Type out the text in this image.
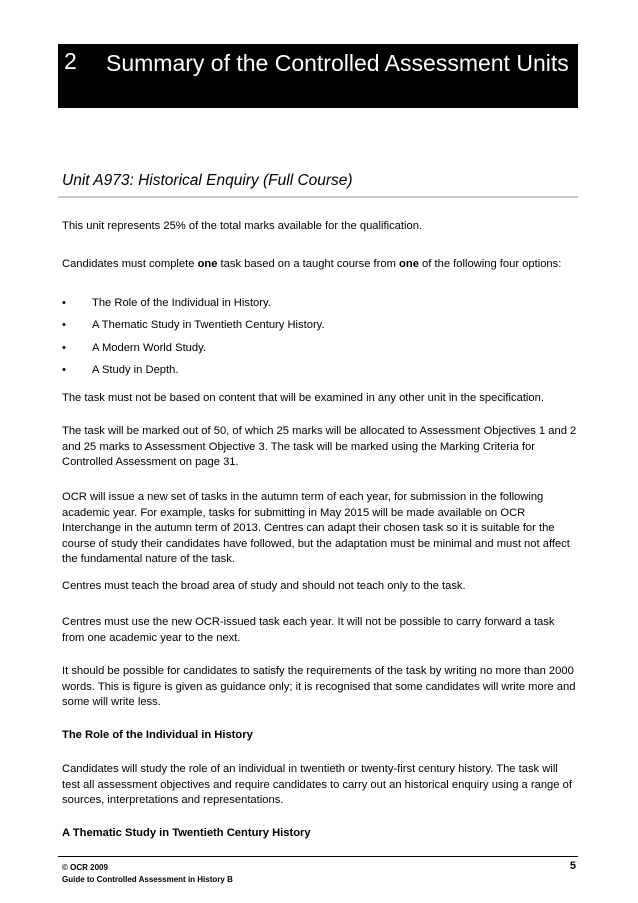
2 Summary of the Controlled Assessment Units
Unit A973: Historical Enquiry (Full Course)

This unit represents 25% of the total marks available for the qualification.

Candidates must complete one task based on a taught course from one of the following four options:

• The Role of the Individual in History.
• A Thematic Study in Twentieth Century History.
• A Modern World Study.
• A Study in Depth.

The task must not be based on content that will be examined in any other unit in the specification.

The task will be marked out of 50, of which 25 marks will be allocated to Assessment Objectives 1 and 2 and 25 marks to Assessment Objective 3. The task will be marked using the Marking Criteria for Controlled Assessment on page 31.

OCR will issue a new set of tasks in the autumn term of each year, for submission in the following academic year. For example, tasks for submitting in May 2015 will be made available on OCR Interchange in the autumn term of 2013. Centres can adapt their chosen task so it is suitable for the course of study their candidates have followed, but the adaptation must be minimal and must not affect the fundamental nature of the task.

Centres must teach the broad area of study and should not teach only to the task.

Centres must use the new OCR-issued task each year. It will not be possible to carry forward a task from one academic year to the next.

It should be possible for candidates to satisfy the requirements of the task by writing no more than 2000 words. This is figure is given as guidance only; it is recognised that some candidates will write more and some will write less.

The Role of the Individual in History

Candidates will study the role of an individual in twentieth or twenty-first century history. The task will test all assessment objectives and require candidates to carry out an historical enquiry using a range of sources, interpretations and representations.

A Thematic Study in Twentieth Century History
© OCR 2009
Guide to Controlled Assessment in History B
5
